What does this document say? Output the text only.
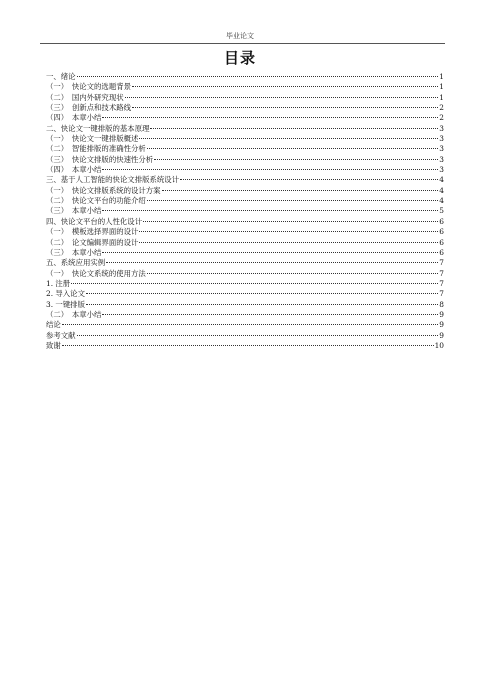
毕业论文
目录
一、绪论	1
（一）　快论文的选题背景	1
（二）　国内外研究现状	1
（三）　创新点和技术路线	2
（四）　本章小结	2
二、快论文一键排版的基本原理	3
（一）　快论文一键排版概述	3
（二）　智能排版的准确性分析	3
（三）　快论文排版的快速性分析	3
（四）　本章小结	3
三、基于人工智能的快论文排版系统设计	4
（一）　快论文排版系统的设计方案	4
（二）　快论文平台的功能介绍	4
（三）　本章小结	5
四、快论文平台的人性化设计	6
（一）　模板选择界面的设计	6
（二）　论文编辑界面的设计	6
（三）　本章小结	6
五、系统应用实例	7
（一）　快论文系统的使用方法	7
1. 注册	7
2. 导入论文	7
3. 一键排版	8
（二）　本章小结	9
结论	9
参考文献	9
致谢	10
